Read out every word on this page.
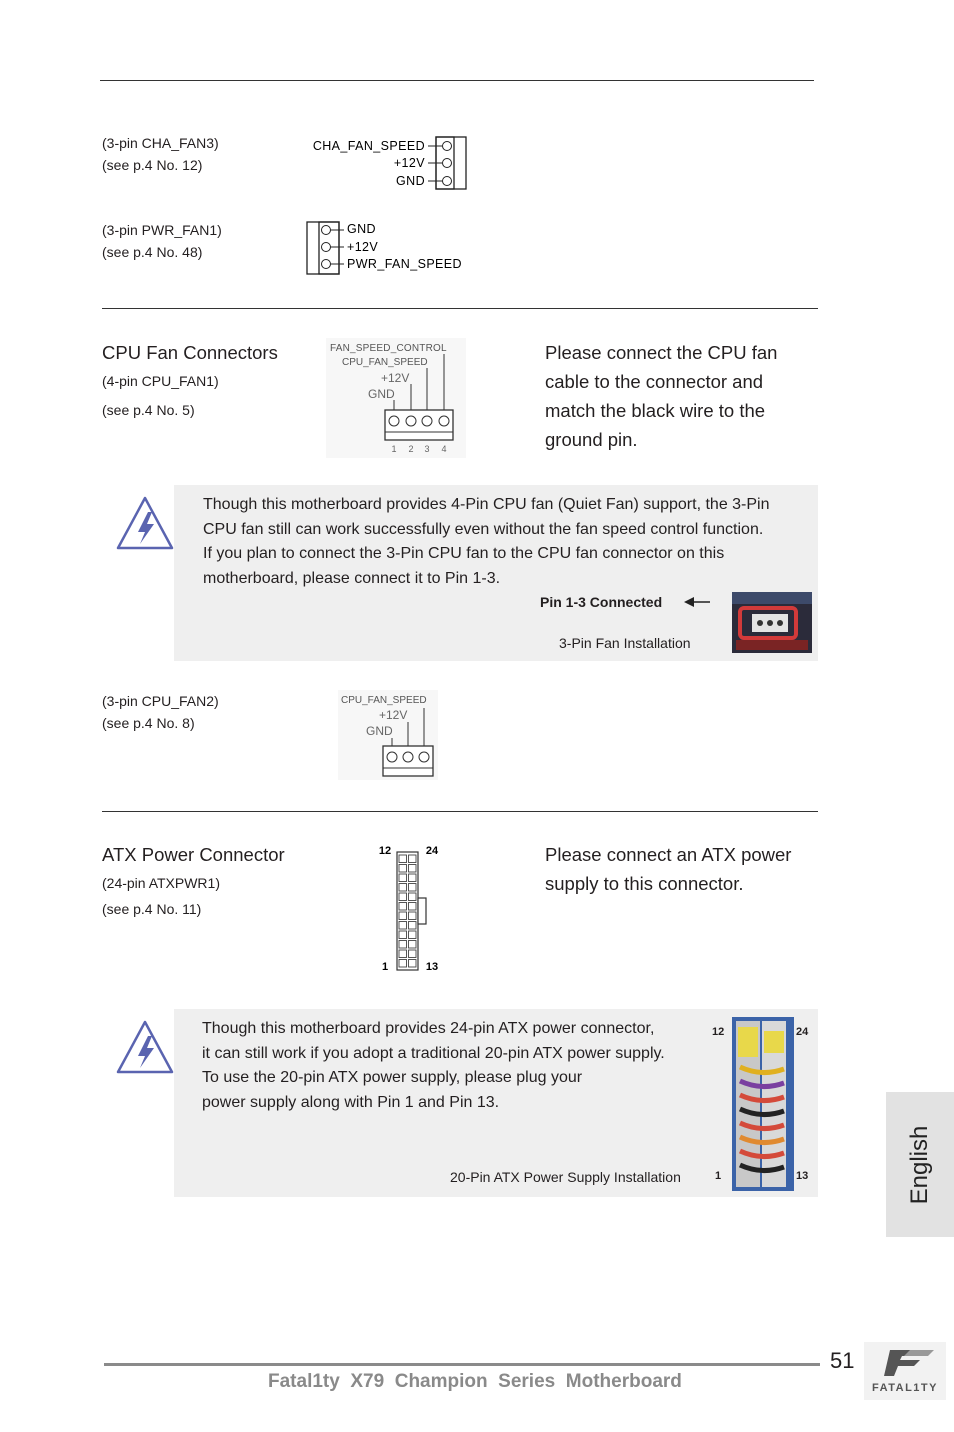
(3-pin CHA_FAN3)
(see p.4 No. 12)
CHA_FAN_SPEED
+12V
GND
(3-pin PWR_FAN1)
(see p.4 No. 48)
GND
+12V
PWR_FAN_SPEED
CPU Fan Connectors
(4-pin CPU_FAN1)
(see p.4 No. 5)
FAN_SPEED_CONTROL
CPU_FAN_SPEED
+12V
GND
1 2 3 4
Please connect the CPU fan
cable to the connector and
match the black wire to the
ground pin.
Though this motherboard provides 4-Pin CPU fan (Quiet Fan) support, the 3-Pin
CPU fan still can work successfully even without the fan speed control function.
If you plan to connect the 3-Pin CPU fan to the CPU fan connector on this
motherboard, please connect it to Pin 1-3.
Pin 1-3 Connected
3-Pin Fan Installation
(3-pin CPU_FAN2)
(see p.4 No. 8)
CPU_FAN_SPEED
+12V
GND
ATX Power Connector
(24-pin ATXPWR1)
(see p.4 No. 11)
12	24
1	13
Please connect an ATX power
supply to this connector.
Though this motherboard provides 24-pin ATX power connector,
it can still work if you adopt a traditional 20-pin ATX power supply.
To use the 20-pin ATX power supply, please plug your
power supply along with Pin 1 and Pin 13.
20-Pin ATX Power Supply Installation
12	24
1	13	English
51
Fatal1ty  X79  Champion  Series  Motherboard	FATAL1TY
